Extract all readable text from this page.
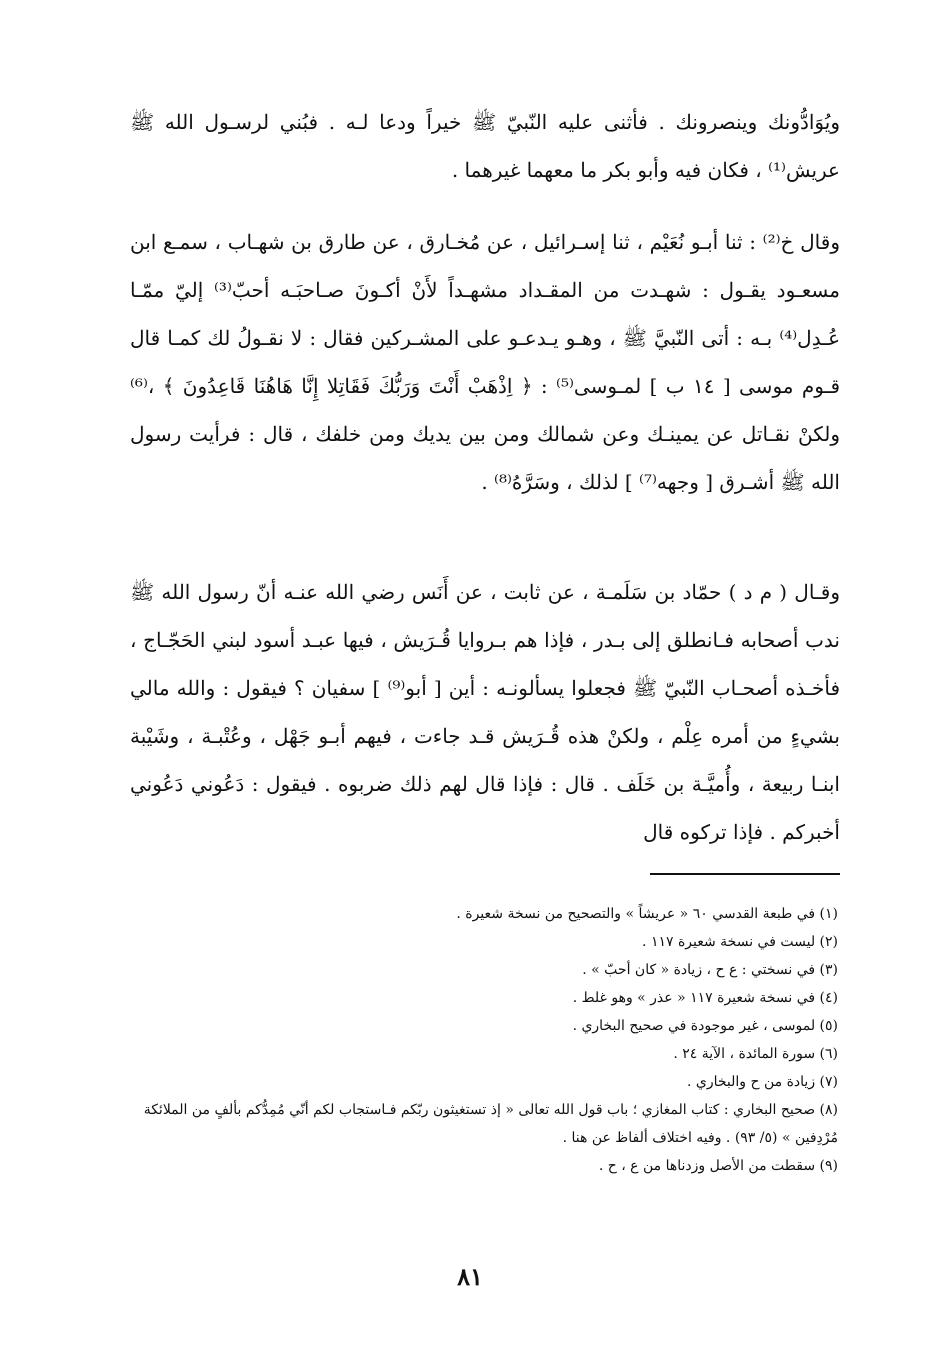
ويُوَادُّونك وينصرونك . فأثنى عليه النّبيّ ﷺ خيراً ودعا لـه . فبُني لرسـول الله ﷺ عريش⁽¹⁾ ، فكان فيه وأبو بكر ما معهما غيرهما .

وقال خ⁽²⁾ : ثنا أبـو نُعَيْم ، ثنا إسـرائيل ، عن مُخـارق ، عن طارق بن شهـاب ، سمـع ابن مسعـود يقـول : شهـدت من المقـداد مشهـداً لأَنْ أكـونَ صـاحبَـه أحبّ⁽³⁾ إليّ ممّـا عُـدِل⁽⁴⁾ بـه : أتى النّبيَّ ﷺ ، وهـو يـدعـو على المشـركين فقال : لا نقـولُ لك كمـا قال قـوم موسى [ ١٤ ب ] لمـوسى⁽⁵⁾ : ﴿ اِذْهَبْ أَنْتَ وَرَبُّكَ فَقَاتِلا إِنَّا هَاهُنَا قَاعِدُونَ ﴾ ،⁽⁶⁾ ولكنْ نقـاتل عن يمينـك وعن شمالك ومن بين يديك ومن خلفك ، قال : فرأيت رسول الله ﷺ أشـرق [ وجهه⁽⁷⁾ ] لذلك ، وسَرَّهُ⁽⁸⁾ .

وقـال ( م د ) حمّاد بن سَلَمـة ، عن ثابت ، عن أَنَس رضي الله عنـه أنّ رسول الله ﷺ ندب أصحابه فـانطلق إلى بـدر ، فإذا هم بـروايا قُـرَيش ، فيها عبـد أسود لبني الحَجّـاج ، فأخـذه أصحـاب النّبيّ ﷺ فجعلوا يسألونـه : أين [ أبو⁽⁹⁾ ] سفيان ؟ فيقول : والله مالي بشيءٍ من أمره عِلْم ، ولكنْ هذه قُـرَيش قـد جاءت ، فيهم أبـو جَهْل ، وعُتْبـة ، وشَيْبة ابنـا ربيعة ، وأُميَّـة بن خَلَف . قال : فإذا قال لهم ذلك ضربوه . فيقول : دَعُوني دَعُوني أخبركم . فإذا تركوه قال

(١) في طبعة القدسي ٦٠ « عريشاً » والتصحيح من نسخة شعيرة .
(٢) ليست في نسخة شعيرة ١١٧ .
(٣) في نسختي : ع ح ، زيادة « كان أحبّ » .
(٤) في نسخة شعيرة ١١٧ « عذر » وهو غلط .
(٥) لموسى ، غير موجودة في صحيح البخاري .
(٦) سورة المائدة ، الآية ٢٤ .
(٧) زيادة من ح والبخاري .
(٨) صحيح البخاري : كتاب المغازي ؛ باب قول الله تعالى « إذ تستغيثون ربّكم فـاستجاب لكم أنّي مُمِدُّكم بألفٍ من الملائكة مُرْدِفين » (٥/ ٩٣) . وفيه اختلاف ألفاظ عن هنا .
(٩) سقطت من الأصل وزدناها من ع ، ح .
٨١
